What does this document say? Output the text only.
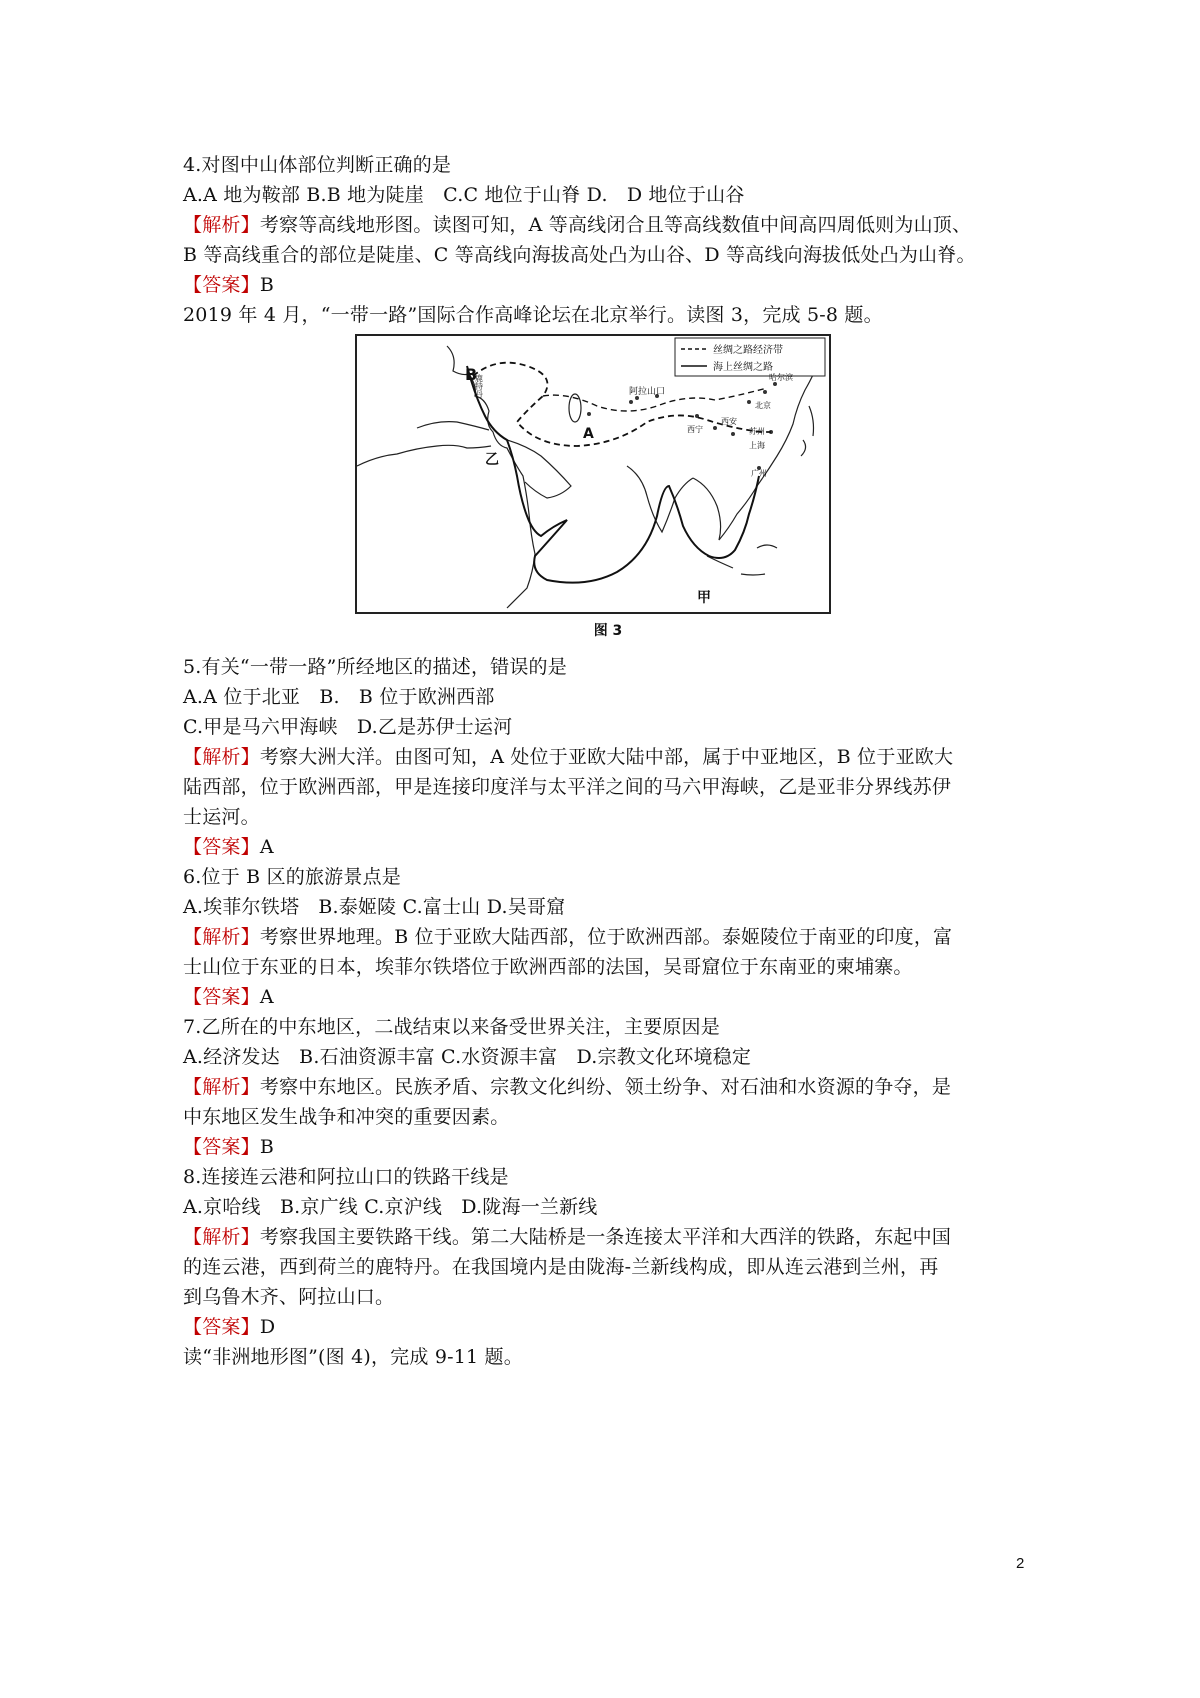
4.对图中山体部位判断正确的是
A.A 地为鞍部 B.B 地为陡崖　C.C 地位于山脊 D.　D 地位于山谷
【解析】考察等高线地形图。读图可知，A 等高线闭合且等高线数值中间高四周低则为山顶、
B 等高线重合的部位是陡崖、C 等高线向海拔高处凸为山谷、D 等高线向海拔低处凸为山脊。
【答案】B
2019 年 4 月，“一带一路”国际合作高峰论坛在北京举行。读图 3，完成 5-8 题。
丝绸之路经济带
海上丝绸之路
B
鹿特丹
A
阿拉山口
哈尔滨
北京
西宁
西安
苏州
上海
广州
乙
甲
图 3
5.有关“一带一路”所经地区的描述，错误的是
A.A 位于北亚　B.　B 位于欧洲西部
C.甲是马六甲海峡　D.乙是苏伊士运河
【解析】考察大洲大洋。由图可知，A 处位于亚欧大陆中部，属于中亚地区，B 位于亚欧大
陆西部，位于欧洲西部，甲是连接印度洋与太平洋之间的马六甲海峡，乙是亚非分界线苏伊
士运河。
【答案】A
6.位于 B 区的旅游景点是
A.埃菲尔铁塔　B.泰姬陵 C.富士山 D.吴哥窟
【解析】考察世界地理。B 位于亚欧大陆西部，位于欧洲西部。泰姬陵位于南亚的印度，富
士山位于东亚的日本，埃菲尔铁塔位于欧洲西部的法国，吴哥窟位于东南亚的柬埔寨。
【答案】A
7.乙所在的中东地区，二战结束以来备受世界关注，主要原因是
A.经济发达　B.石油资源丰富 C.水资源丰富　D.宗教文化环境稳定
【解析】考察中东地区。民族矛盾、宗教文化纠纷、领土纷争、对石油和水资源的争夺，是
中东地区发生战争和冲突的重要因素。
【答案】B
8.连接连云港和阿拉山口的铁路干线是
A.京哈线　B.京广线 C.京沪线　D.陇海一兰新线
【解析】考察我国主要铁路干线。第二大陆桥是一条连接太平洋和大西洋的铁路，东起中国
的连云港，西到荷兰的鹿特丹。在我国境内是由陇海-兰新线构成，即从连云港到兰州，再
到乌鲁木齐、阿拉山口。
【答案】D
读“非洲地形图”(图 4)，完成 9-11 题。
2
